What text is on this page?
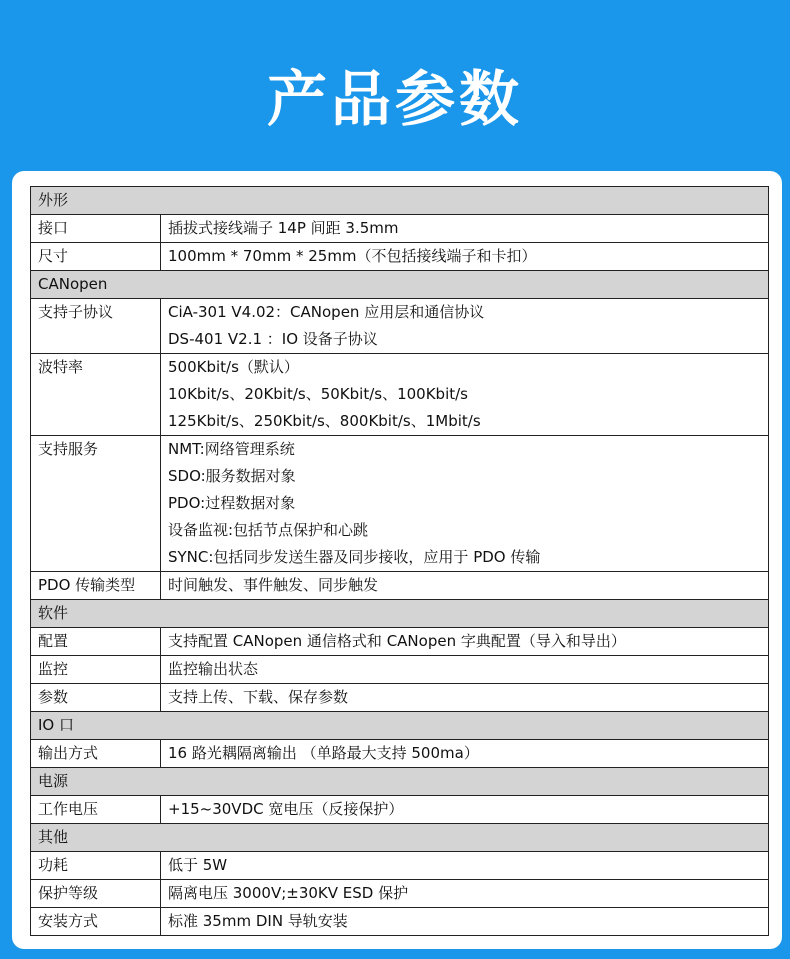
产品参数
外形	
接口	插拔式接线端子 14P 间距 3.5mm

尺寸	100mm * 70mm * 25mm（不包括接线端子和卡扣）

CANopen	
支持子协议	CiA-301 V4.02：CANopen 应用层和通信协议
DS-401 V2.1 ：IO 设备子协议

波特率	500Kbit/s（默认）
10Kbit/s、20Kbit/s、50Kbit/s、100Kbit/s
125Kbit/s、250Kbit/s、800Kbit/s、1Mbit/s

支持服务	NMT:网络管理系统
SDO:服务数据对象
PDO:过程数据对象
设备监视:包括节点保护和心跳
SYNC:包括同步发送生器及同步接收，应用于 PDO 传输

PDO 传输类型	时间触发、事件触发、同步触发

软件	
配置	支持配置 CANopen 通信格式和 CANopen 字典配置（导入和导出）

监控	监控输出状态

参数	支持上传、下载、保存参数

IO 口	
输出方式	16 路光耦隔离输出 （单路最大支持 500ma）

电源	
工作电压	+15~30VDC 宽电压（反接保护）

其他	
功耗	低于 5W

保护等级	隔离电压 3000V;±30KV ESD 保护

安装方式	标准 35mm DIN 导轨安装
